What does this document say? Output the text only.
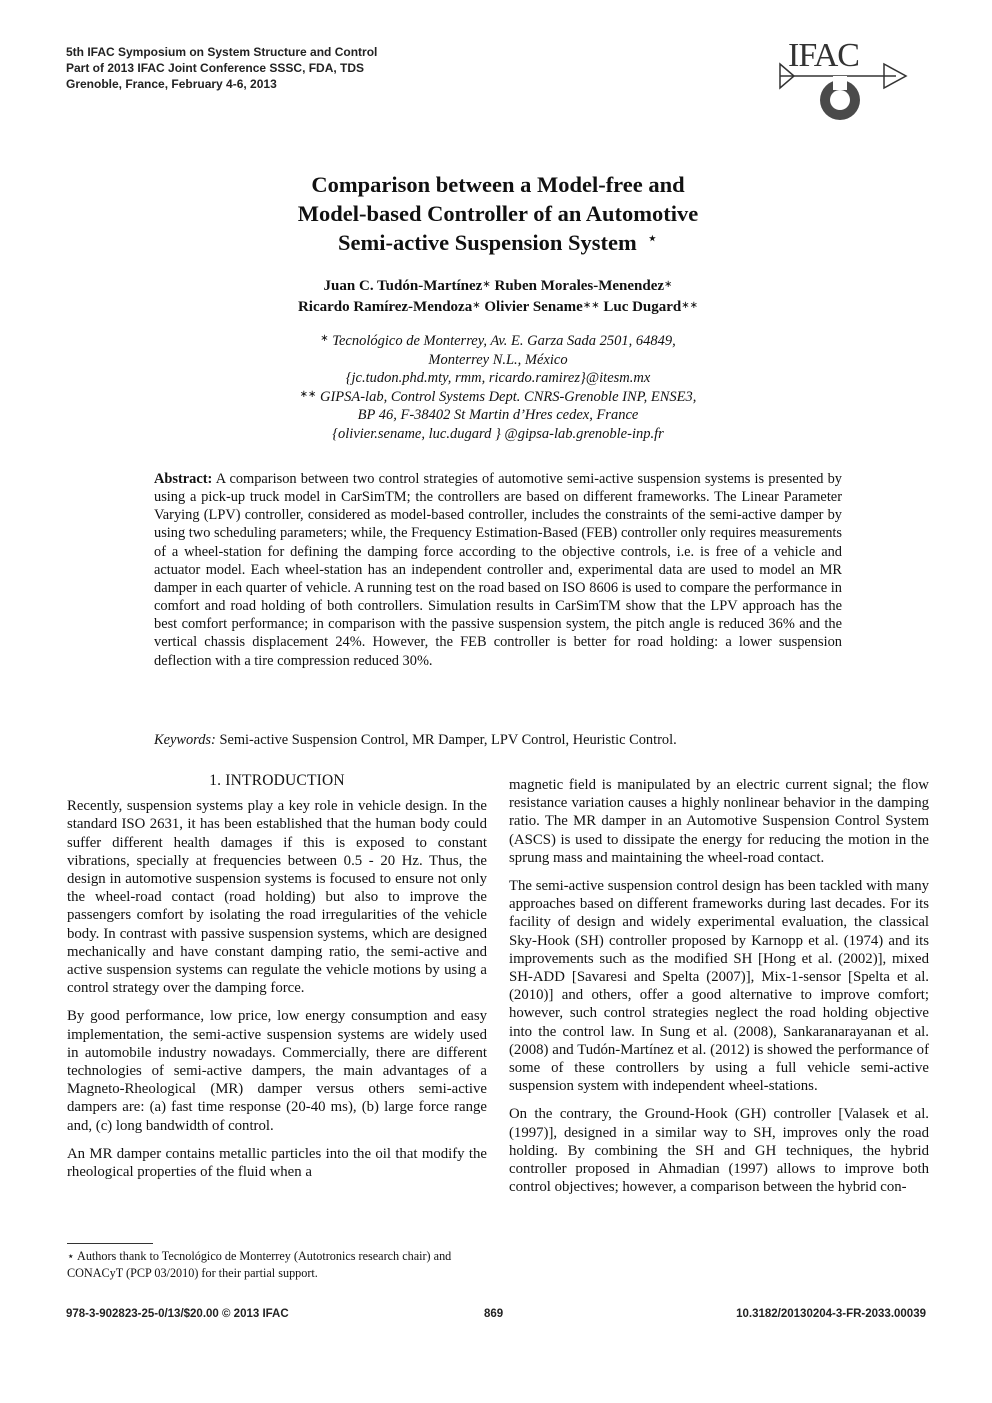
5th IFAC Symposium on System Structure and Control
Part of 2013 IFAC Joint Conference SSSC, FDA, TDS
Grenoble, France, February 4-6, 2013
IFAC
Comparison between a Model-free and
Model-based Controller of an Automotive
Semi-active Suspension System ⋆
Juan C. Tudón-Martínez∗ Ruben Morales-Menendez∗
Ricardo Ramírez-Mendoza∗ Olivier Sename∗∗ Luc Dugard∗∗
∗ Tecnológico de Monterrey, Av. E. Garza Sada 2501, 64849,
Monterrey N.L., México
{jc.tudon.phd.mty, rmm, ricardo.ramirez}@itesm.mx
∗∗ GIPSA-lab, Control Systems Dept. CNRS-Grenoble INP, ENSE3,
BP 46, F-38402 St Martin d’Hres cedex, France
{olivier.sename, luc.dugard } @gipsa-lab.grenoble-inp.fr
Abstract: A comparison between two control strategies of automotive semi-active suspension systems is presented by using a pick-up truck model in CarSimTM; the controllers are based on different frameworks. The Linear Parameter Varying (LPV) controller, considered as model-based controller, includes the constraints of the semi-active damper by using two scheduling parameters; while, the Frequency Estimation-Based (FEB) controller only requires measurements of a wheel-station for defining the damping force according to the objective controls, i.e. is free of a vehicle and actuator model. Each wheel-station has an independent controller and, experimental data are used to model an MR damper in each quarter of vehicle. A running test on the road based on ISO 8606 is used to compare the performance in comfort and road holding of both controllers. Simulation results in CarSimTM show that the LPV approach has the best comfort performance; in comparison with the passive suspension system, the pitch angle is reduced 36% and the vertical chassis displacement 24%. However, the FEB controller is better for road holding: a lower suspension deflection with a tire compression reduced 30%.
Keywords: Semi-active Suspension Control, MR Damper, LPV Control, Heuristic Control.
1. INTRODUCTION

Recently, suspension systems play a key role in vehicle design. In the standard ISO 2631, it has been established that the human body could suffer different health damages if this is exposed to constant vibrations, specially at frequencies between 0.5 - 20 Hz. Thus, the design in automotive suspension systems is focused to ensure not only the wheel-road contact (road holding) but also to improve the passengers comfort by isolating the road irregularities of the vehicle body. In contrast with passive suspension systems, which are designed mechanically and have constant damping ratio, the semi-active and active suspension systems can regulate the vehicle motions by using a control strategy over the damping force.

By good performance, low price, low energy consumption and easy implementation, the semi-active suspension systems are widely used in automobile industry nowadays. Commercially, there are different technologies of semi-active dampers, the main advantages of a Magneto-Rheological (MR) damper versus others semi-active dampers are: (a) fast time response (20-40 ms), (b) large force range and, (c) long bandwidth of control.

An MR damper contains metallic particles into the oil that modify the rheological properties of the fluid when a

magnetic field is manipulated by an electric current signal; the flow resistance variation causes a highly nonlinear behavior in the damping ratio. The MR damper in an Automotive Suspension Control System (ASCS) is used to dissipate the energy for reducing the motion in the sprung mass and maintaining the wheel-road contact.

The semi-active suspension control design has been tackled with many approaches based on different frameworks during last decades. For its facility of design and widely experimental evaluation, the classical Sky-Hook (SH) controller proposed by Karnopp et al. (1974) and its improvements such as the modified SH [Hong et al. (2002)], mixed SH-ADD [Savaresi and Spelta (2007)], Mix-1-sensor [Spelta et al. (2010)] and others, offer a good alternative to improve comfort; however, such control strategies neglect the road holding objective into the control law. In Sung et al. (2008), Sankaranarayanan et al. (2008) and Tudón-Martínez et al. (2012) is showed the performance of some of these controllers by using a full vehicle semi-active suspension system with independent wheel-stations.

On the contrary, the Ground-Hook (GH) controller [Valasek et al. (1997)], designed in a similar way to SH, improves only the road holding. By combining the SH and GH techniques, the hybrid controller proposed in Ahmadian (1997) allows to improve both control objectives; however, a comparison between the hybrid con-

⋆ Authors thank to Tecnológico de Monterrey (Autotronics research chair) and CONACyT (PCP 03/2010) for their partial support.
978-3-902823-25-0/13/$20.00 © 2013 IFAC	869	10.3182/20130204-3-FR-2033.00039
